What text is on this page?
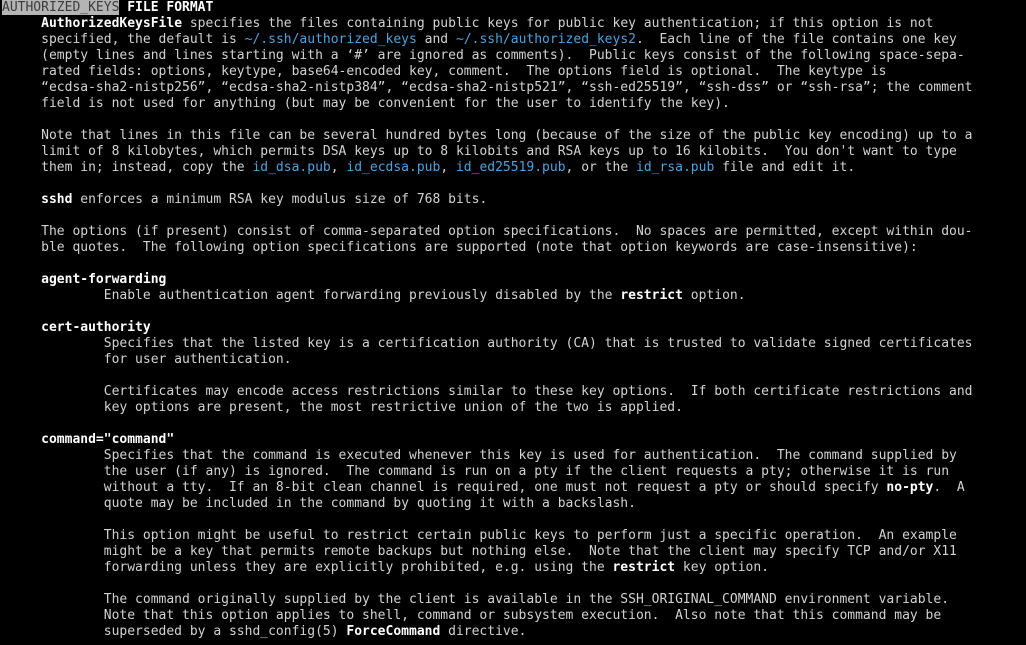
AUTHORIZED_KEYS FILE FORMAT
AuthorizedKeysFile specifies the files containing public keys for public key authentication; if this option is not
specified, the default is ~/.ssh/authorized_keys and ~/.ssh/authorized_keys2.  Each line of the file contains one key
(empty lines and lines starting with a ‘#’ are ignored as comments).  Public keys consist of the following space-sepa‐
rated fields: options, keytype, base64-encoded key, comment.  The options field is optional.  The keytype is
“ecdsa-sha2-nistp256”, “ecdsa-sha2-nistp384”, “ecdsa-sha2-nistp521”, “ssh-ed25519”, “ssh-dss” or “ssh-rsa”; the comment
field is not used for anything (but may be convenient for the user to identify the key).
Note that lines in this file can be several hundred bytes long (because of the size of the public key encoding) up to a
limit of 8 kilobytes, which permits DSA keys up to 8 kilobits and RSA keys up to 16 kilobits.  You don't want to type
them in; instead, copy the id_dsa.pub, id_ecdsa.pub, id_ed25519.pub, or the id_rsa.pub file and edit it.
sshd enforces a minimum RSA key modulus size of 768 bits.
The options (if present) consist of comma-separated option specifications.  No spaces are permitted, except within dou‐
ble quotes.  The following option specifications are supported (note that option keywords are case-insensitive):
agent-forwarding
Enable authentication agent forwarding previously disabled by the restrict option.
cert-authority
Specifies that the listed key is a certification authority (CA) that is trusted to validate signed certificates
for user authentication.
Certificates may encode access restrictions similar to these key options.  If both certificate restrictions and
key options are present, the most restrictive union of the two is applied.
command="command"
Specifies that the command is executed whenever this key is used for authentication.  The command supplied by
the user (if any) is ignored.  The command is run on a pty if the client requests a pty; otherwise it is run
without a tty.  If an 8-bit clean channel is required, one must not request a pty or should specify no-pty.  A
quote may be included in the command by quoting it with a backslash.
This option might be useful to restrict certain public keys to perform just a specific operation.  An example
might be a key that permits remote backups but nothing else.  Note that the client may specify TCP and/or X11
forwarding unless they are explicitly prohibited, e.g. using the restrict key option.
The command originally supplied by the client is available in the SSH_ORIGINAL_COMMAND environment variable.
Note that this option applies to shell, command or subsystem execution.  Also note that this command may be
superseded by a sshd_config(5) ForceCommand directive.
